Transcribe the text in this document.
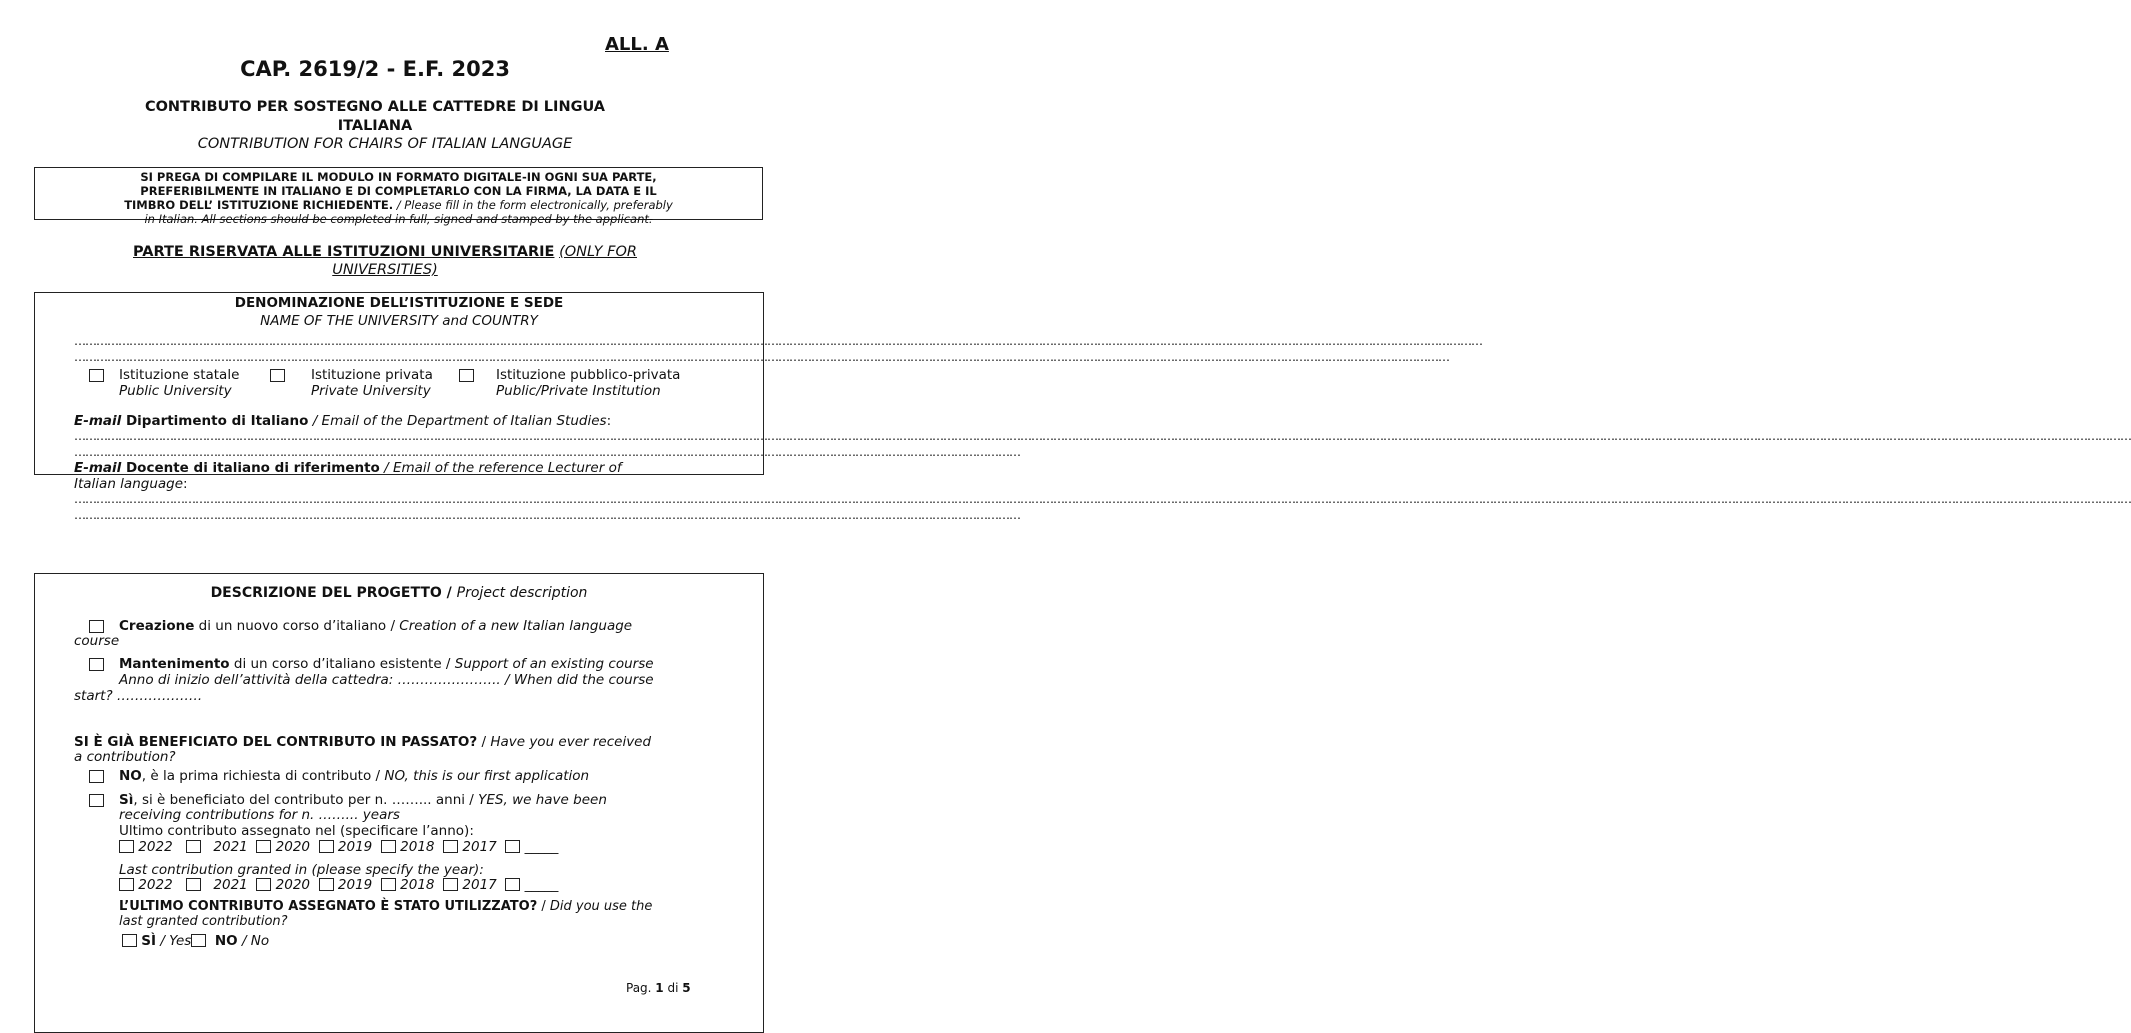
ALL. A
CAP. 2619/2 - E.F. 2023
CONTRIBUTO PER SOSTEGNO ALLE CATTEDRE DI LINGUA
ITALIANA
CONTRIBUTION FOR CHAIRS OF ITALIAN LANGUAGE
SI PREGA DI COMPILARE IL MODULO IN FORMATO DIGITALE-IN OGNI SUA PARTE,
PREFERIBILMENTE IN ITALIANO E DI COMPLETARLO CON LA FIRMA, LA DATA E IL
TIMBRO DELL’ ISTITUZIONE RICHIEDENTE. / Please fill in the form electronically, preferably
in Italian. All sections should be completed in full, signed and stamped by the applicant.
PARTE RISERVATA ALLE ISTITUZIONI UNIVERSITARIE (ONLY FOR
UNIVERSITIES)
DENOMINAZIONE DELL’ISTITUZIONE E SEDE
NAME OF THE UNIVERSITY and COUNTRY
……………………………………………………………………………………………………………………………………………………………………………………………………………………………………………………………………………………………………………………………………………………
……………………………………………………………………………………………………………………………………………………………………………………………………………………………………………………………………………………………………………………………………………
Istituzione statale
Public University
Istituzione privata
Private University
Istituzione pubblico-privata
Public/Private Institution
E-mail Dipartimento di Italiano / Email of the Department of Italian Studies:
…………………………………………………………………………………………………………………………………………………………………………………………………………………………………………………………………………………………………………………………………………………………………………………………………………………………………………………………………………………………………………………
……………………………………………………………………………………………………………………………………………………………………………………………………………………………………
E-mail Docente di italiano di riferimento / Email of the reference Lecturer of
Italian language:
…………………………………………………………………………………………………………………………………………………………………………………………………………………………………………………………………………………………………………………………………………………………………………………………………………………………………………………………………………………………………………………
……………………………………………………………………………………………………………………………………………………………………………………………………………………………………
DESCRIZIONE DEL PROGETTO / Project description
Creazione di un nuovo corso d’italiano / Creation of a new Italian language
course
Mantenimento di un corso d’italiano esistente / Support of an existing course
Anno di inizio dell’attività della cattedra: ………………….. / When did the course
start? ……………….
SI È GIÀ BENEFICIATO DEL CONTRIBUTO IN PASSATO? / Have you ever received
a contribution?
NO, è la prima richiesta di contributo / NO, this is our first application
Sì, si è beneficiato del contributo per n. ……... anni / YES, we have been
receiving contributions for n. ……... years
Ultimo contributo assegnato nel (specificare l’anno):
2022	2021 2020 2019 2018 2017 _____
Last contribution granted in (please specify the year):
2022	2021 2020 2019 2018 2017 _____
L’ULTIMO CONTRIBUTO ASSEGNATO È STATO UTILIZZATO? / Did you use the
last granted contribution?
SÌ / Yes NO / No
Pag. 1 di 5
